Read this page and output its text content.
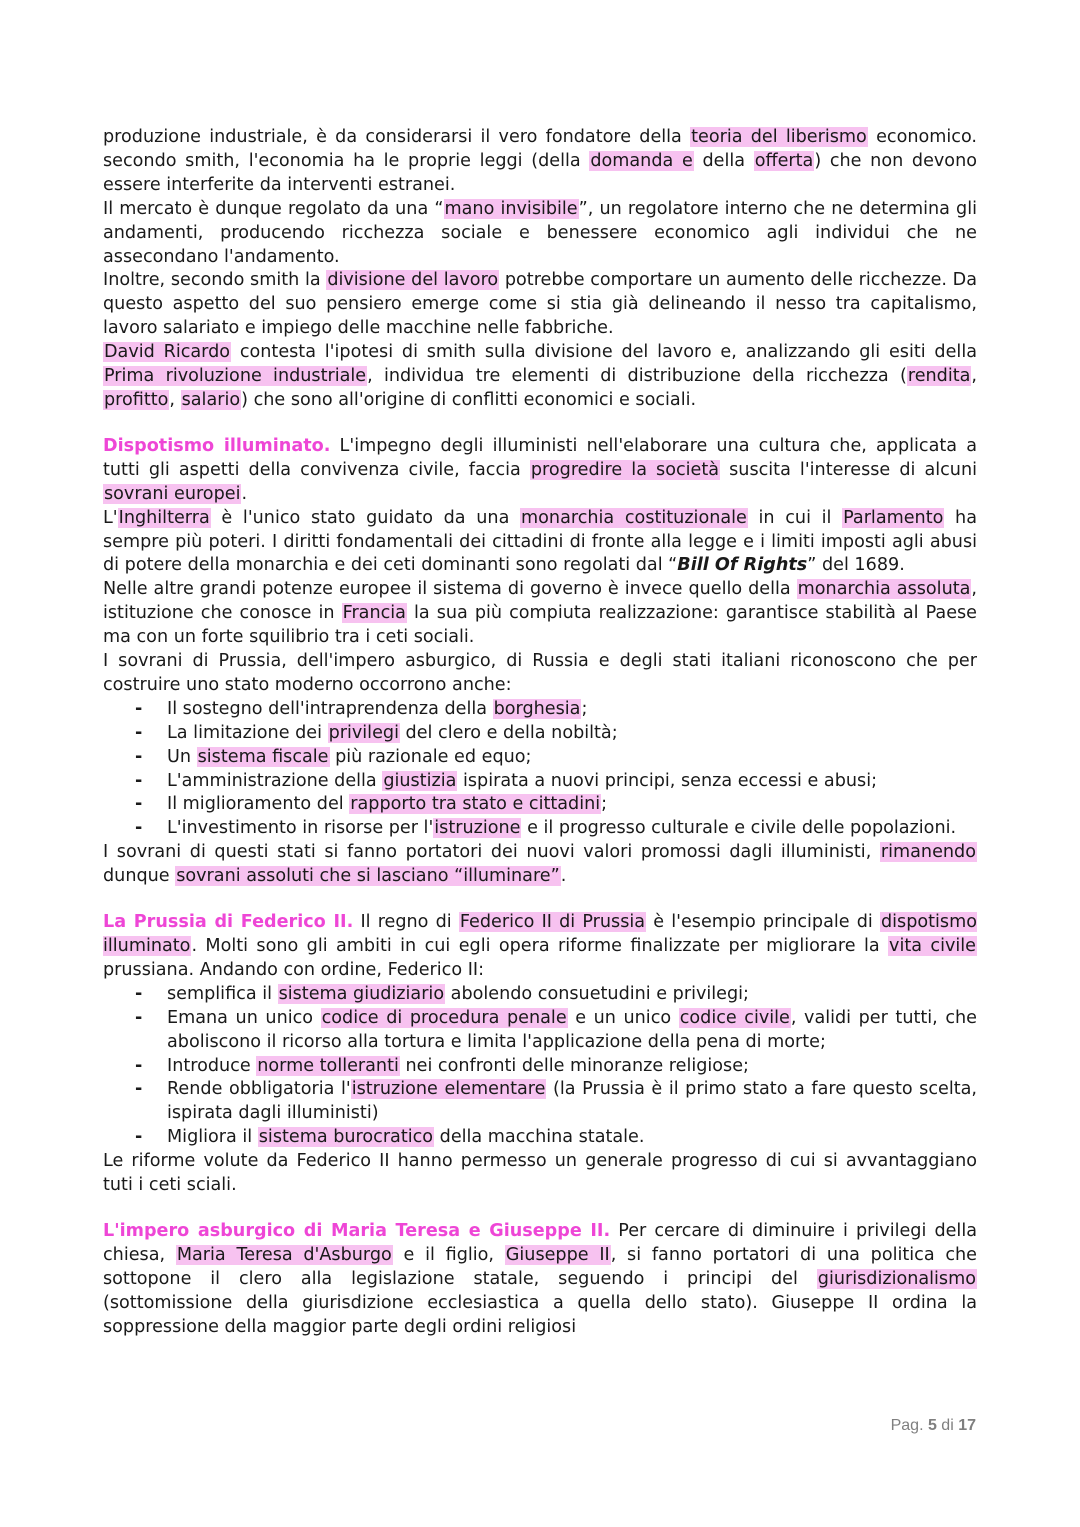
produzione industriale, è da considerarsi il vero fondatore della teoria del liberismo economico. secondo smith, l'economia ha le proprie leggi (della domanda e della offerta) che non devono essere interferite da interventi estranei.

Il mercato è dunque regolato da una “mano invisibile”, un regolatore interno che ne determina gli andamenti, producendo ricchezza sociale e benessere economico agli individui che ne assecondano l'andamento.

Inoltre, secondo smith la divisione del lavoro potrebbe comportare un aumento delle ricchezze. Da questo aspetto del suo pensiero emerge come si stia già delineando il nesso tra capitalismo, lavoro salariato e impiego delle macchine nelle fabbriche.

David Ricardo contesta l'ipotesi di smith sulla divisione del lavoro e, analizzando gli esiti della Prima rivoluzione industriale, individua tre elementi di distribuzione della ricchezza (rendita, profitto, salario) che sono all'origine di conflitti economici e sociali.

Dispotismo illuminato. L'impegno degli illuministi nell'elaborare una cultura che, applicata a tutti gli aspetti della convivenza civile, faccia progredire la società suscita l'interesse di alcuni sovrani europei.

L'Inghilterra è l'unico stato guidato da una monarchia costituzionale in cui il Parlamento ha sempre più poteri. I diritti fondamentali dei cittadini di fronte alla legge e i limiti imposti agli abusi di potere della monarchia e dei ceti dominanti sono regolati dal “Bill Of Rights” del 1689.

Nelle altre grandi potenze europee il sistema di governo è invece quello della monarchia assoluta, istituzione che conosce in Francia la sua più compiuta realizzazione: garantisce stabilità al Paese ma con un forte squilibrio tra i ceti sociali.

I sovrani di Prussia, dell'impero asburgico, di Russia e degli stati italiani riconoscono che per costruire uno stato moderno occorrono anche:

- Il sostegno dell'intraprendenza della borghesia;
- La limitazione dei privilegi del clero e della nobiltà;
- Un sistema fiscale più razionale ed equo;
- L'amministrazione della giustizia ispirata a nuovi principi, senza eccessi e abusi;
- Il miglioramento del rapporto tra stato e cittadini;
- L'investimento in risorse per l'istruzione e il progresso culturale e civile delle popolazioni.

I sovrani di questi stati si fanno portatori dei nuovi valori promossi dagli illuministi, rimanendo dunque sovrani assoluti che si lasciano “illuminare”.

La Prussia di Federico II. Il regno di Federico II di Prussia è l'esempio principale di dispotismo illuminato. Molti sono gli ambiti in cui egli opera riforme finalizzate per migliorare la vita civile prussiana. Andando con ordine, Federico II:

- semplifica il sistema giudiziario abolendo consuetudini e privilegi;
- Emana un unico codice di procedura penale e un unico codice civile, validi per tutti, che aboliscono il ricorso alla tortura e limita l'applicazione della pena di morte;
- Introduce norme tolleranti nei confronti delle minoranze religiose;
- Rende obbligatoria l'istruzione elementare (la Prussia è il primo stato a fare questo scelta, ispirata dagli illuministi)
- Migliora il sistema burocratico della macchina statale.

Le riforme volute da Federico II hanno permesso un generale progresso di cui si avvantaggiano tuti i ceti sciali.

L'impero asburgico di Maria Teresa e Giuseppe II. Per cercare di diminuire i privilegi della chiesa, Maria Teresa d'Asburgo e il figlio, Giuseppe II, si fanno portatori di una politica che sottopone il clero alla legislazione statale, seguendo i principi del giurisdizionalismo (sottomissione della giurisdizione ecclesiastica a quella dello stato). Giuseppe II ordina la soppressione della maggior parte degli ordini religiosi

Pag. 5 di 17
